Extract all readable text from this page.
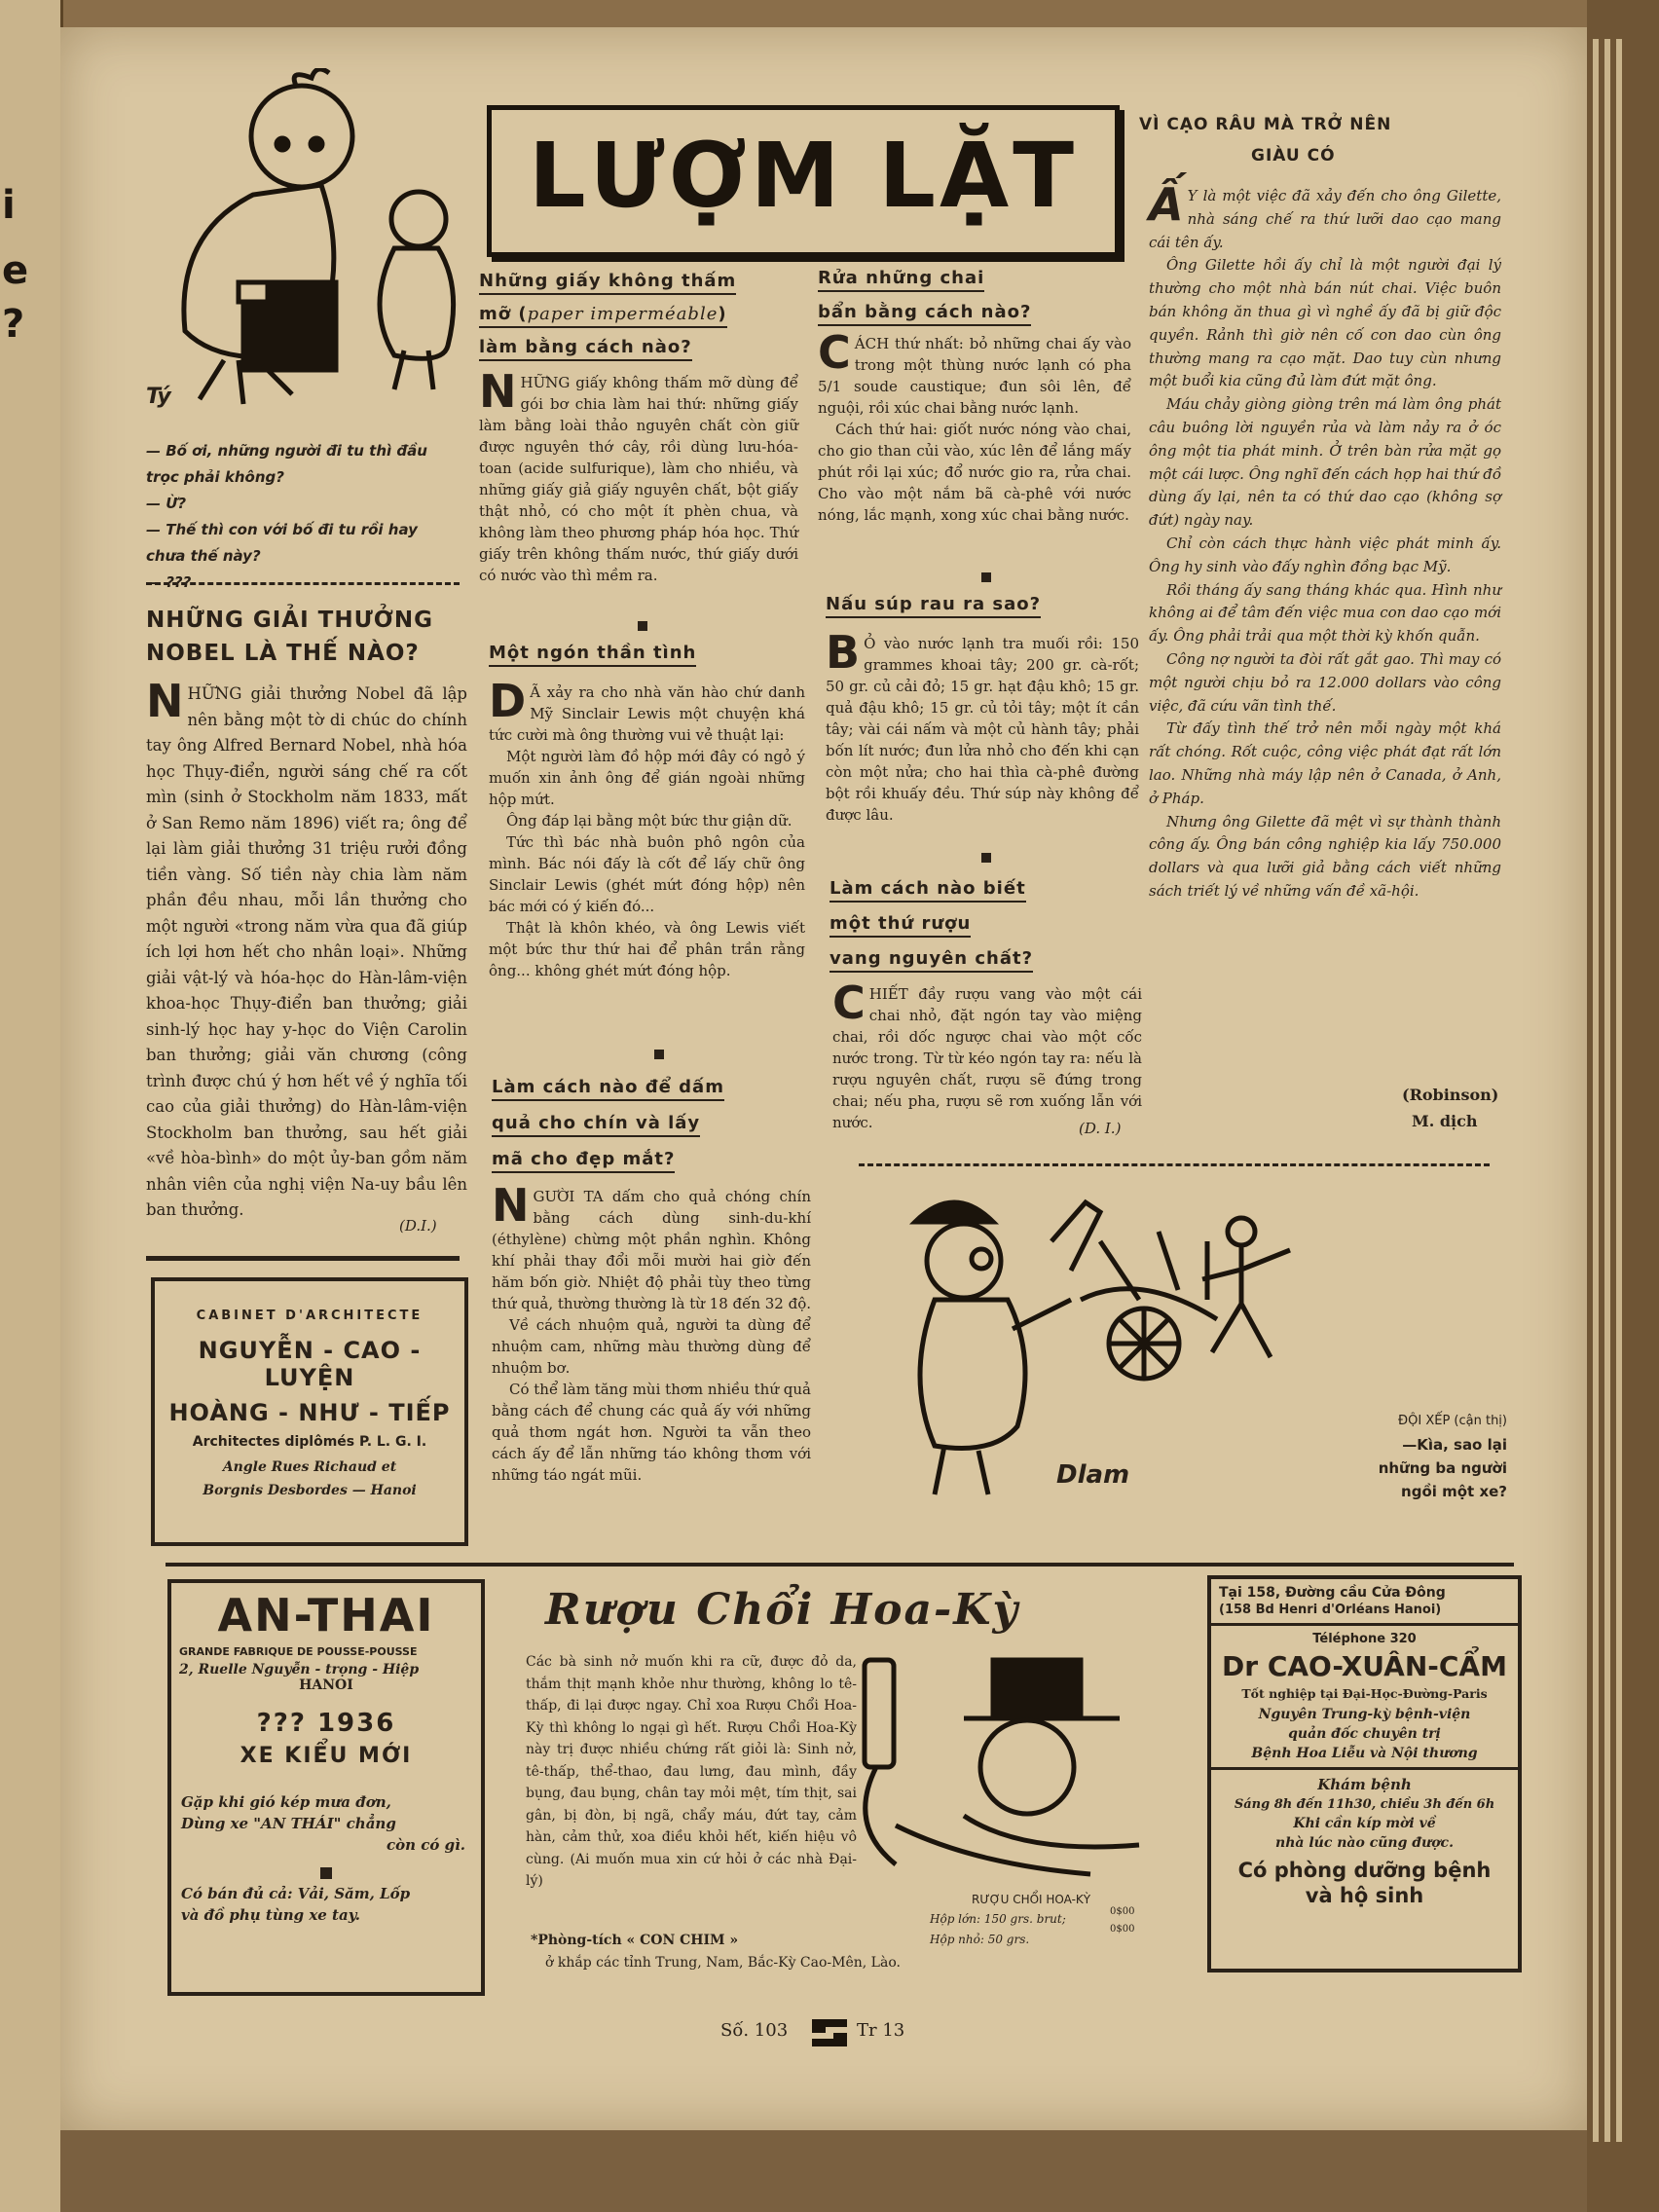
i
e
?
Tý
— Bố ơi, những người đi tu thì đầu trọc phải không?
— Ừ?
— Thế thì con với bố đi tu rồi hay chưa thế này?
— ???
NHỮNG GIẢI THƯỞNG
NOBEL LÀ THẾ NÀO?
NHỮNG giải thưởng Nobel đã lập nên bằng một tờ di chúc do chính tay ông Alfred Bernard Nobel, nhà hóa học Thụy-điển, người sáng chế ra cốt mìn (sinh ở Stockholm năm 1833, mất ở San Remo năm 1896) viết ra; ông để lại làm giải thưởng 31 triệu rưởi đồng tiền vàng. Số tiền này chia làm năm phần đều nhau, mỗi lần thưởng cho một người «trong năm vừa qua đã giúp ích lợi hơn hết cho nhân loại». Những giải vật-lý và hóa-học do Hàn-lâm-viện khoa-học Thụy-điển ban thưởng; giải sinh-lý học hay y-học do Viện Carolin ban thưởng; giải văn chương (công trình được chú ý hơn hết về ý nghĩa tối cao của giải thưởng) do Hàn-lâm-viện Stockholm ban thưởng, sau hết giải «về hòa-bình» do một ủy-ban gồm năm nhân viên của nghị viện Na-uy bầu lên ban thưởng.
(D.I.)
CABINET D'ARCHITECTE
NGUYỄN - CAO - LUYỆN
HOÀNG - NHƯ - TIẾP
Architectes diplômés P. L. G. I.
Angle Rues Richaud et
Borgnis Desbordes — Hanoi
LƯỢM LẶT
Những giấy không thấm
mỡ (paper imperméable)
làm bằng cách nào?
NHỮNG giấy không thấm mỡ dùng để gói bơ chia làm hai thứ: những giấy làm bằng loài thảo nguyên chất còn giữ được nguyên thớ cây, rồi dùng lưu-hóa-toan (acide sulfurique), làm cho nhiều, và những giấy giả giấy nguyên chất, bột giấy thật nhỏ, có cho một ít phèn chua, và không làm theo phương pháp hóa học. Thứ giấy trên không thấm nước, thứ giấy dưới có nước vào thì mềm ra.
Một ngón thần tình
DÃ xảy ra cho nhà văn hào chứ danh Mỹ Sinclair Lewis một chuyện khá tức cười mà ông thường vui vẻ thuật lại:
Một người làm đồ hộp mới đây có ngỏ ý muốn xin ảnh ông để gián ngoài những hộp mứt.
Ông đáp lại bằng một bức thư giận dữ.
Tức thì bác nhà buôn phô ngôn của mình. Bác nói đấy là cốt để lấy chữ ông Sinclair Lewis (ghét mứt đóng hộp) nên bác mới có ý kiến đó...
Thật là khôn khéo, và ông Lewis viết một bức thư thứ hai để phân trần rằng ông... không ghét mứt đóng hộp.
Làm cách nào để dấm
quả cho chín và lấy
mã cho đẹp mắt?
NGƯỜI TA dấm cho quả chóng chín bằng cách dùng sinh-du-khí (éthylène) chừng một phần nghìn. Không khí phải thay đổi mỗi mười hai giờ đến hăm bốn giờ. Nhiệt độ phải tùy theo từng thứ quả, thường thường là từ 18 đến 32 độ.
Về cách nhuộm quả, người ta dùng để nhuộm cam, những màu thường dùng để nhuộm bơ.
Có thể làm tăng mùi thơm nhiều thứ quả bằng cách để chung các quả ấy với những quả thơm ngát hơn. Người ta vẫn theo cách ấy để lẫn những táo không thơm với những táo ngát mũi.
Rửa những chai
bẩn bằng cách nào?
CÁCH thứ nhất: bỏ những chai ấy vào trong một thùng nước lạnh có pha 5/1 soude caustique; đun sôi lên, để nguội, rồi xúc chai bằng nước lạnh.
Cách thứ hai: giốt nước nóng vào chai, cho gio than củi vào, xúc lên để lắng mấy phút rồi lại xúc; đổ nước gio ra, rửa chai. Cho vào một nắm bã cà-phê với nước nóng, lắc mạnh, xong xúc chai bằng nước.
Nấu súp rau ra sao?
BỎ vào nước lạnh tra muối rồi: 150 grammes khoai tây; 200 gr. cà-rốt; 50 gr. củ cải đỏ; 15 gr. hạt đậu khô; 15 gr. quả đậu khô; 15 gr. củ tỏi tây; một ít cần tây; vài cái nấm và một củ hành tây; phải bốn lít nước; đun lửa nhỏ cho đến khi cạn còn một nửa; cho hai thìa cà-phê đường bột rồi khuấy đều. Thứ súp này không để được lâu.
Làm cách nào biết
một thứ rượu
vang nguyên chất?
CHIẾT đầy rượu vang vào một cái chai nhỏ, đặt ngón tay vào miệng chai, rồi dốc ngược chai vào một cốc nước trong. Từ từ kéo ngón tay ra: nếu là rượu nguyên chất, rượu sẽ đứng trong chai; nếu pha, rượu sẽ rơn xuống lẫn với nước.	(D. I.)
VÌ CẠO RÂU MÀ TRỞ NÊN
GIÀU CÓ
ẤY là một việc đã xảy đến cho ông Gilette, nhà sáng chế ra thứ lưỡi dao cạo mang cái tên ấy.
Ông Gilette hồi ấy chỉ là một người đại lý thường cho một nhà bán nút chai. Việc buôn bán không ăn thua gì vì nghề ấy đã bị giữ độc quyền. Rảnh thì giờ nên cố con dao cùn ông thường mang ra cạo mặt. Dao tuy cùn nhưng một buổi kia cũng đủ làm đứt mặt ông.
Máu chảy giòng giòng trên má làm ông phát câu buông lời nguyền rủa và làm nảy ra ở óc ông một tia phát minh. Ở trên bàn rửa mặt gọ một cái lược. Ông nghĩ đến cách họp hai thứ đồ dùng ấy lại, nên ta có thứ dao cạo (không sợ đứt) ngày nay.
Chỉ còn cách thực hành việc phát minh ấy. Ông hy sinh vào đấy nghìn đồng bạc Mỹ.
Rồi tháng ấy sang tháng khác qua. Hình như không ai để tâm đến việc mua con dao cạo mới ấy. Ông phải trải qua một thời kỳ khốn quẫn.
Công nợ người ta đòi rất gắt gao. Thì may có một người chịu bỏ ra 12.000 dollars vào công việc, đã cứu vãn tình thế.
Từ đấy tình thế trở nên mỗi ngày một khá rất chóng. Rốt cuộc, công việc phát đạt rất lớn lao. Những nhà máy lập nên ở Canada, ở Anh, ở Pháp.
Nhưng ông Gilette đã mệt vì sự thành thành công ấy. Ông bán công nghiệp kia lấy 750.000 dollars và qua lưỡi giả bằng cách viết những sách triết lý về những vấn đề xã-hội.
(Robinson)
M. dịch
Dlam
ĐỘI XẾP (cận thị)
—Kìa, sao lại
những ba người
ngồi một xe?
AN-THAI
GRANDE FABRIQUE DE POUSSE-POUSSE
2, Ruelle Nguyễn - trọng - Hiệp
HANOI
??? 1936
XE KIỂU MỚI
Gặp khi gió kép mưa đơn,
Dùng xe "AN THÁI" chẳng
còn có gì.
Có bán đủ cả: Vải, Săm, Lốp
và đồ phụ tùng xe tay.
Rượu Chổi Hoa-Kỳ
Các bà sinh nở muốn khi ra cữ, được đỏ da, thắm thịt mạnh khỏe như thường, không lo tê-thấp, đi lại được ngay. Chỉ xoa Rượu Chổi Hoa-Kỳ thì không lo ngại gì hết. Rượu Chổi Hoa-Kỳ này trị được nhiều chứng rất giỏi là: Sinh nở, tê-thấp, thể-thao, đau lưng, đau mình, đầy bụng, đau bụng, chân tay mỏi mệt, tím thịt, sai gân, bị đòn, bị ngã, chẩy máu, đứt tay, cảm hàn, cảm thử, xoa điều khỏi hết, kiến hiệu vô cùng. (Ai muốn mua xin cứ hỏi ở các nhà Đại-lý)
*Phòng-tích « CON CHIM »
ở khắp các tỉnh Trung, Nam, Bắc-Kỳ Cao-Mên, Lào.
RƯỢU CHỔI HOA-KỲ
Hộp lớn: 150 grs. brut;
Hộp nhỏ: 50 grs.
0$00
0$00
Tại 158, Đường cầu Cửa Đông
(158 Bd Henri d'Orléans Hanoi)
Téléphone 320
Dr CAO-XUÂN-CẨM
Tốt nghiệp tại Đại-Học-Đường-Paris
Nguyên Trung-kỳ bệnh-viện
quản đốc chuyên trị
Bệnh Hoa Liễu và Nội thương
Khám bệnh
Sáng 8h đến 11h30, chiều 3h đến 6h
Khi cần kíp mời về
nhà lúc nào cũng được.
Có phòng dưỡng bệnh
và hộ sinh
Số. 103	Tr 13
